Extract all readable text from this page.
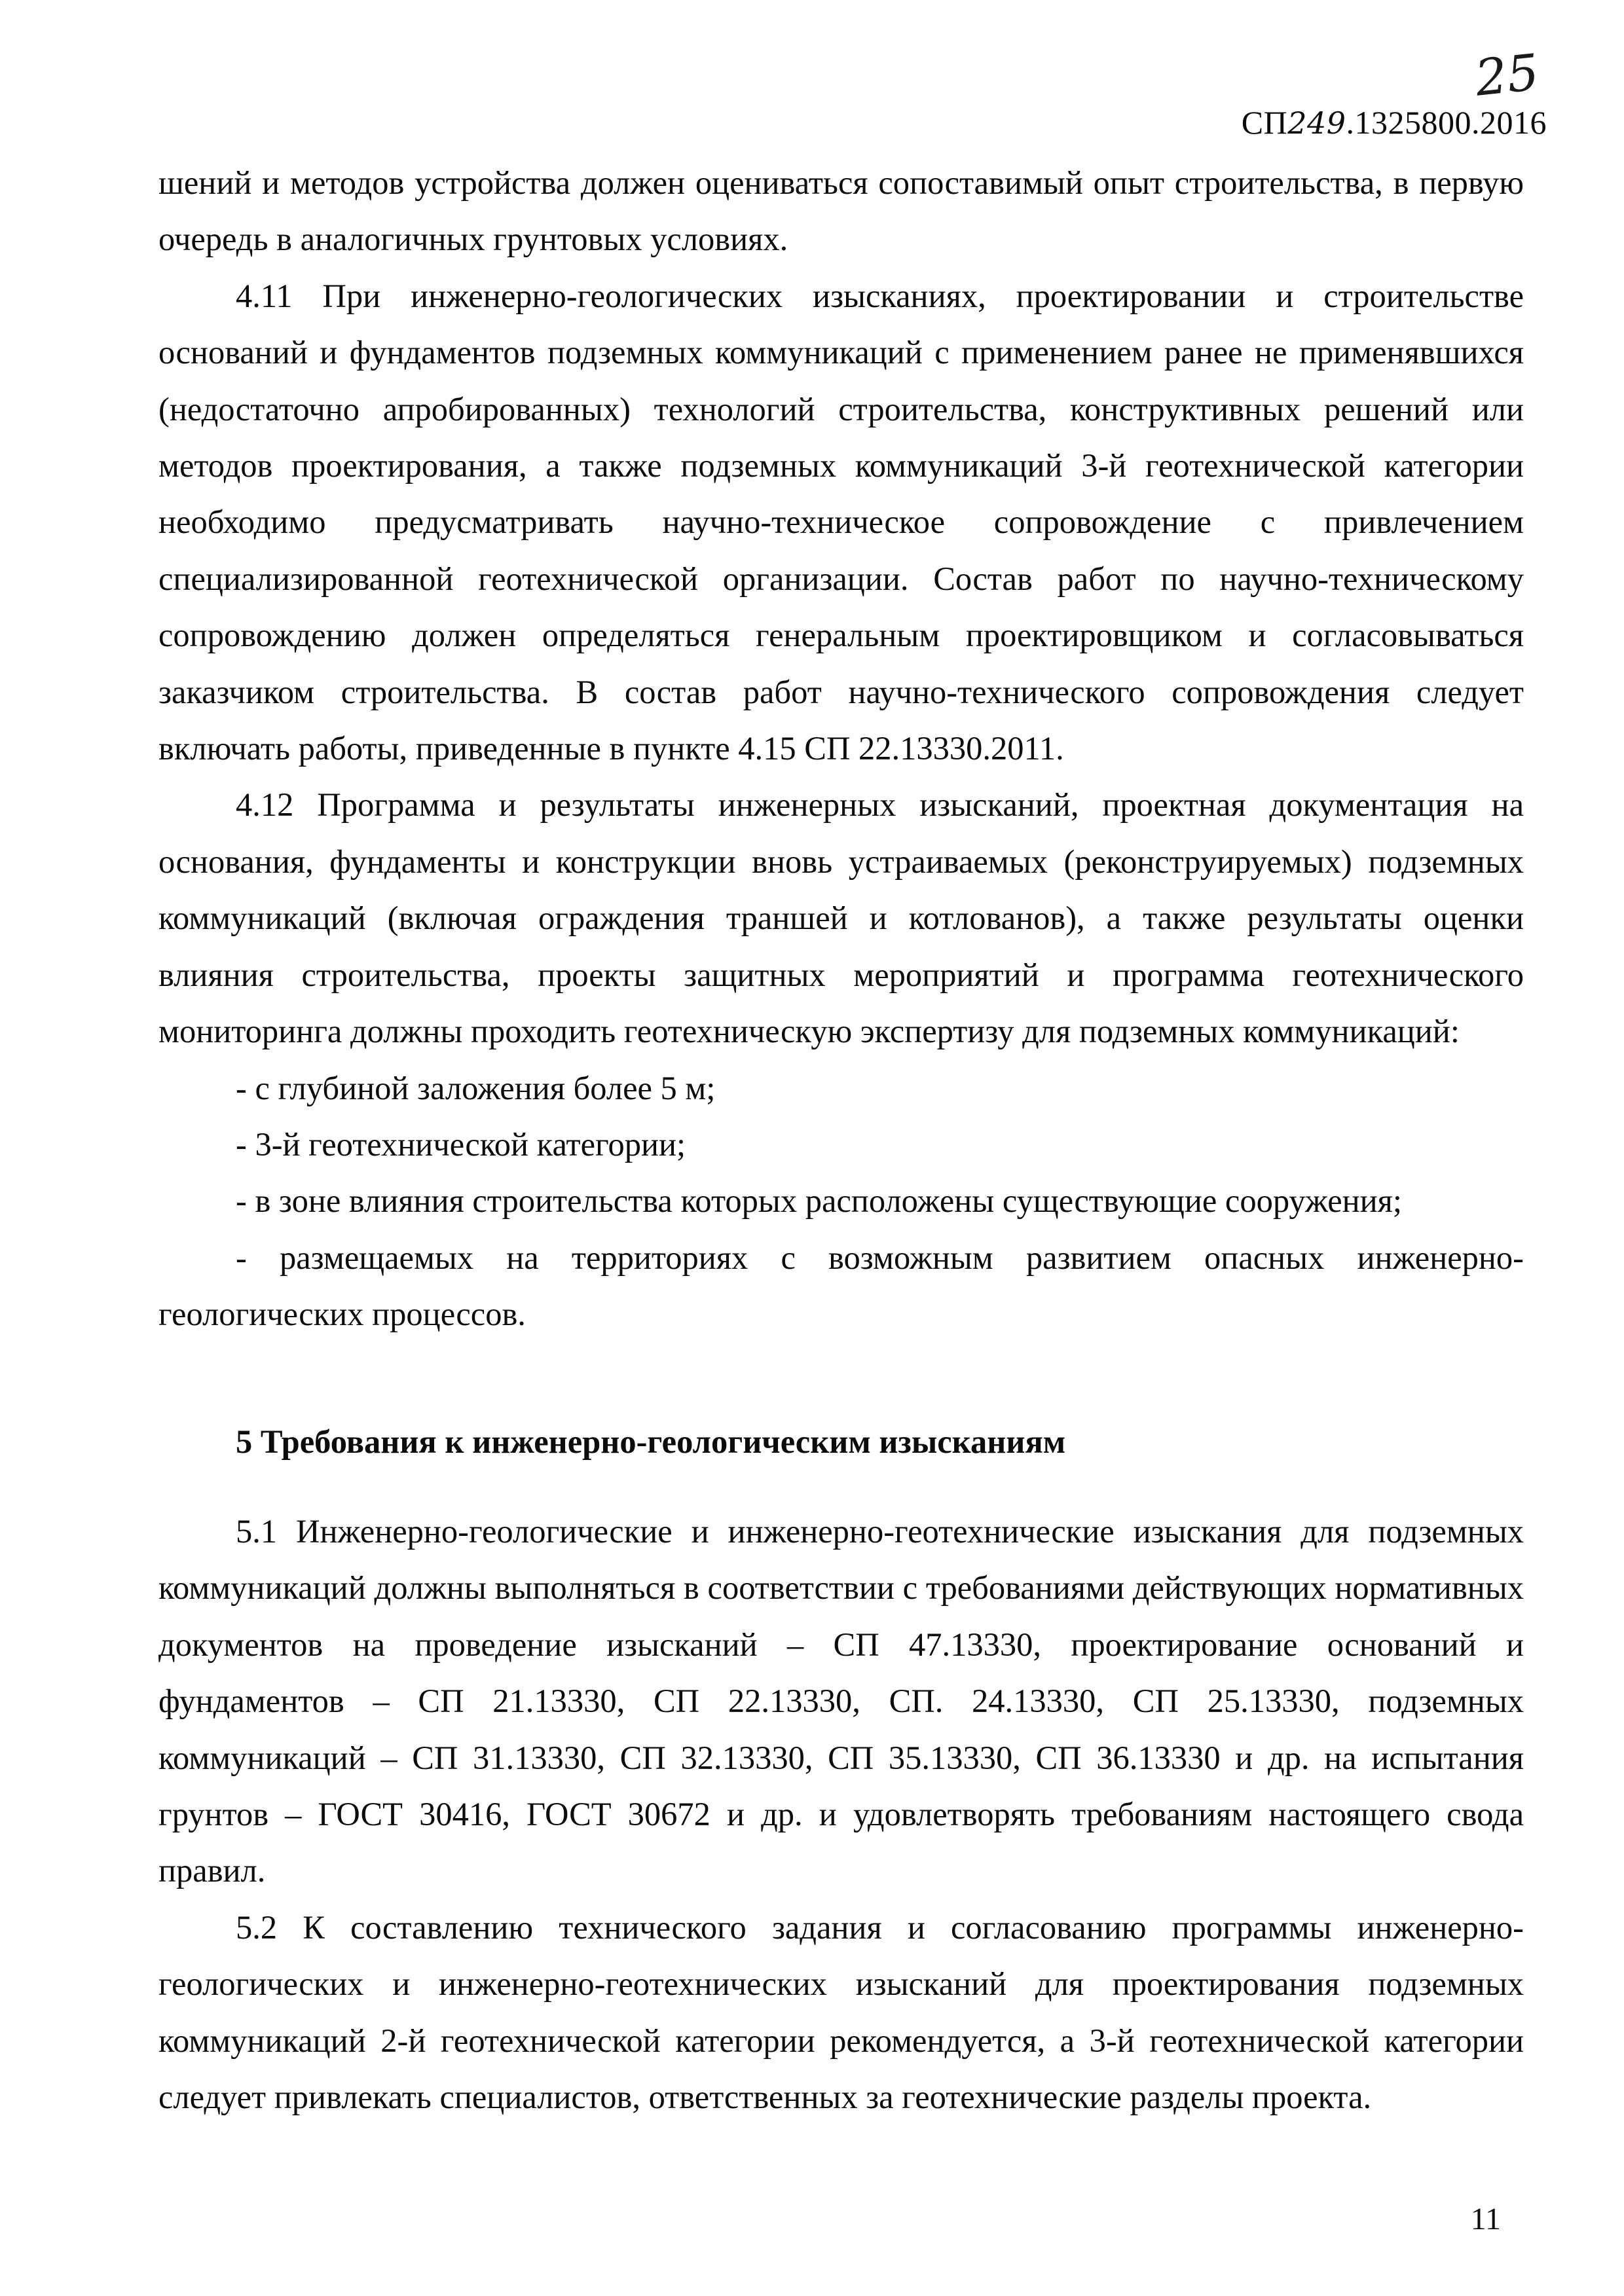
25
СП249.1325800.2016

шений и методов устройства должен оцениваться сопоставимый опыт строительства, в первую очередь в аналогичных грунтовых условиях.

4.11 При инженерно-геологических изысканиях, проектировании и строительстве оснований и фундаментов подземных коммуникаций с применением ранее не применявшихся (недостаточно апробированных) технологий строительства, конструктивных решений или методов проектирования, а также подземных коммуникаций 3-й геотехнической категории необходимо предусматривать научно-техническое сопровождение с привлечением специализированной геотехнической организации. Состав работ по научно-техническому сопровождению должен определяться генеральным проектировщиком и согласовываться заказчиком строительства. В состав работ научно-технического сопровождения следует включать работы, приведенные в пункте 4.15 СП 22.13330.2011.

4.12 Программа и результаты инженерных изысканий, проектная документация на основания, фундаменты и конструкции вновь устраиваемых (реконструируемых) подземных коммуникаций (включая ограждения траншей и котлованов), а также результаты оценки влияния строительства, проекты защитных мероприятий и программа геотехнического мониторинга должны проходить геотехническую экспертизу для подземных коммуникаций:

- с глубиной заложения более 5 м;

- 3-й геотехнической категории;

- в зоне влияния строительства которых расположены существующие сооружения;

- размещаемых на территориях с возможным развитием опасных инженерно-геологических процессов.

5 Требования к инженерно-геологическим изысканиям

5.1 Инженерно-геологические и инженерно-геотехнические изыскания для подземных коммуникаций должны выполняться в соответствии с требованиями действующих нормативных документов на проведение изысканий – СП 47.13330, проектирование оснований и фундаментов – СП 21.13330, СП 22.13330, СП. 24.13330, СП 25.13330, подземных коммуникаций – СП 31.13330, СП 32.13330, СП 35.13330, СП 36.13330 и др. на испытания грунтов – ГОСТ 30416, ГОСТ 30672 и др. и удовлетворять требованиям настоящего свода правил.

5.2 К составлению технического задания и согласованию программы инженерно-геологических и инженерно-геотехнических изысканий для проектирования подземных коммуникаций 2-й геотехнической категории рекомендуется, а 3-й геотехнической категории следует привлекать специалистов, ответственных за геотехнические разделы проекта.

11
